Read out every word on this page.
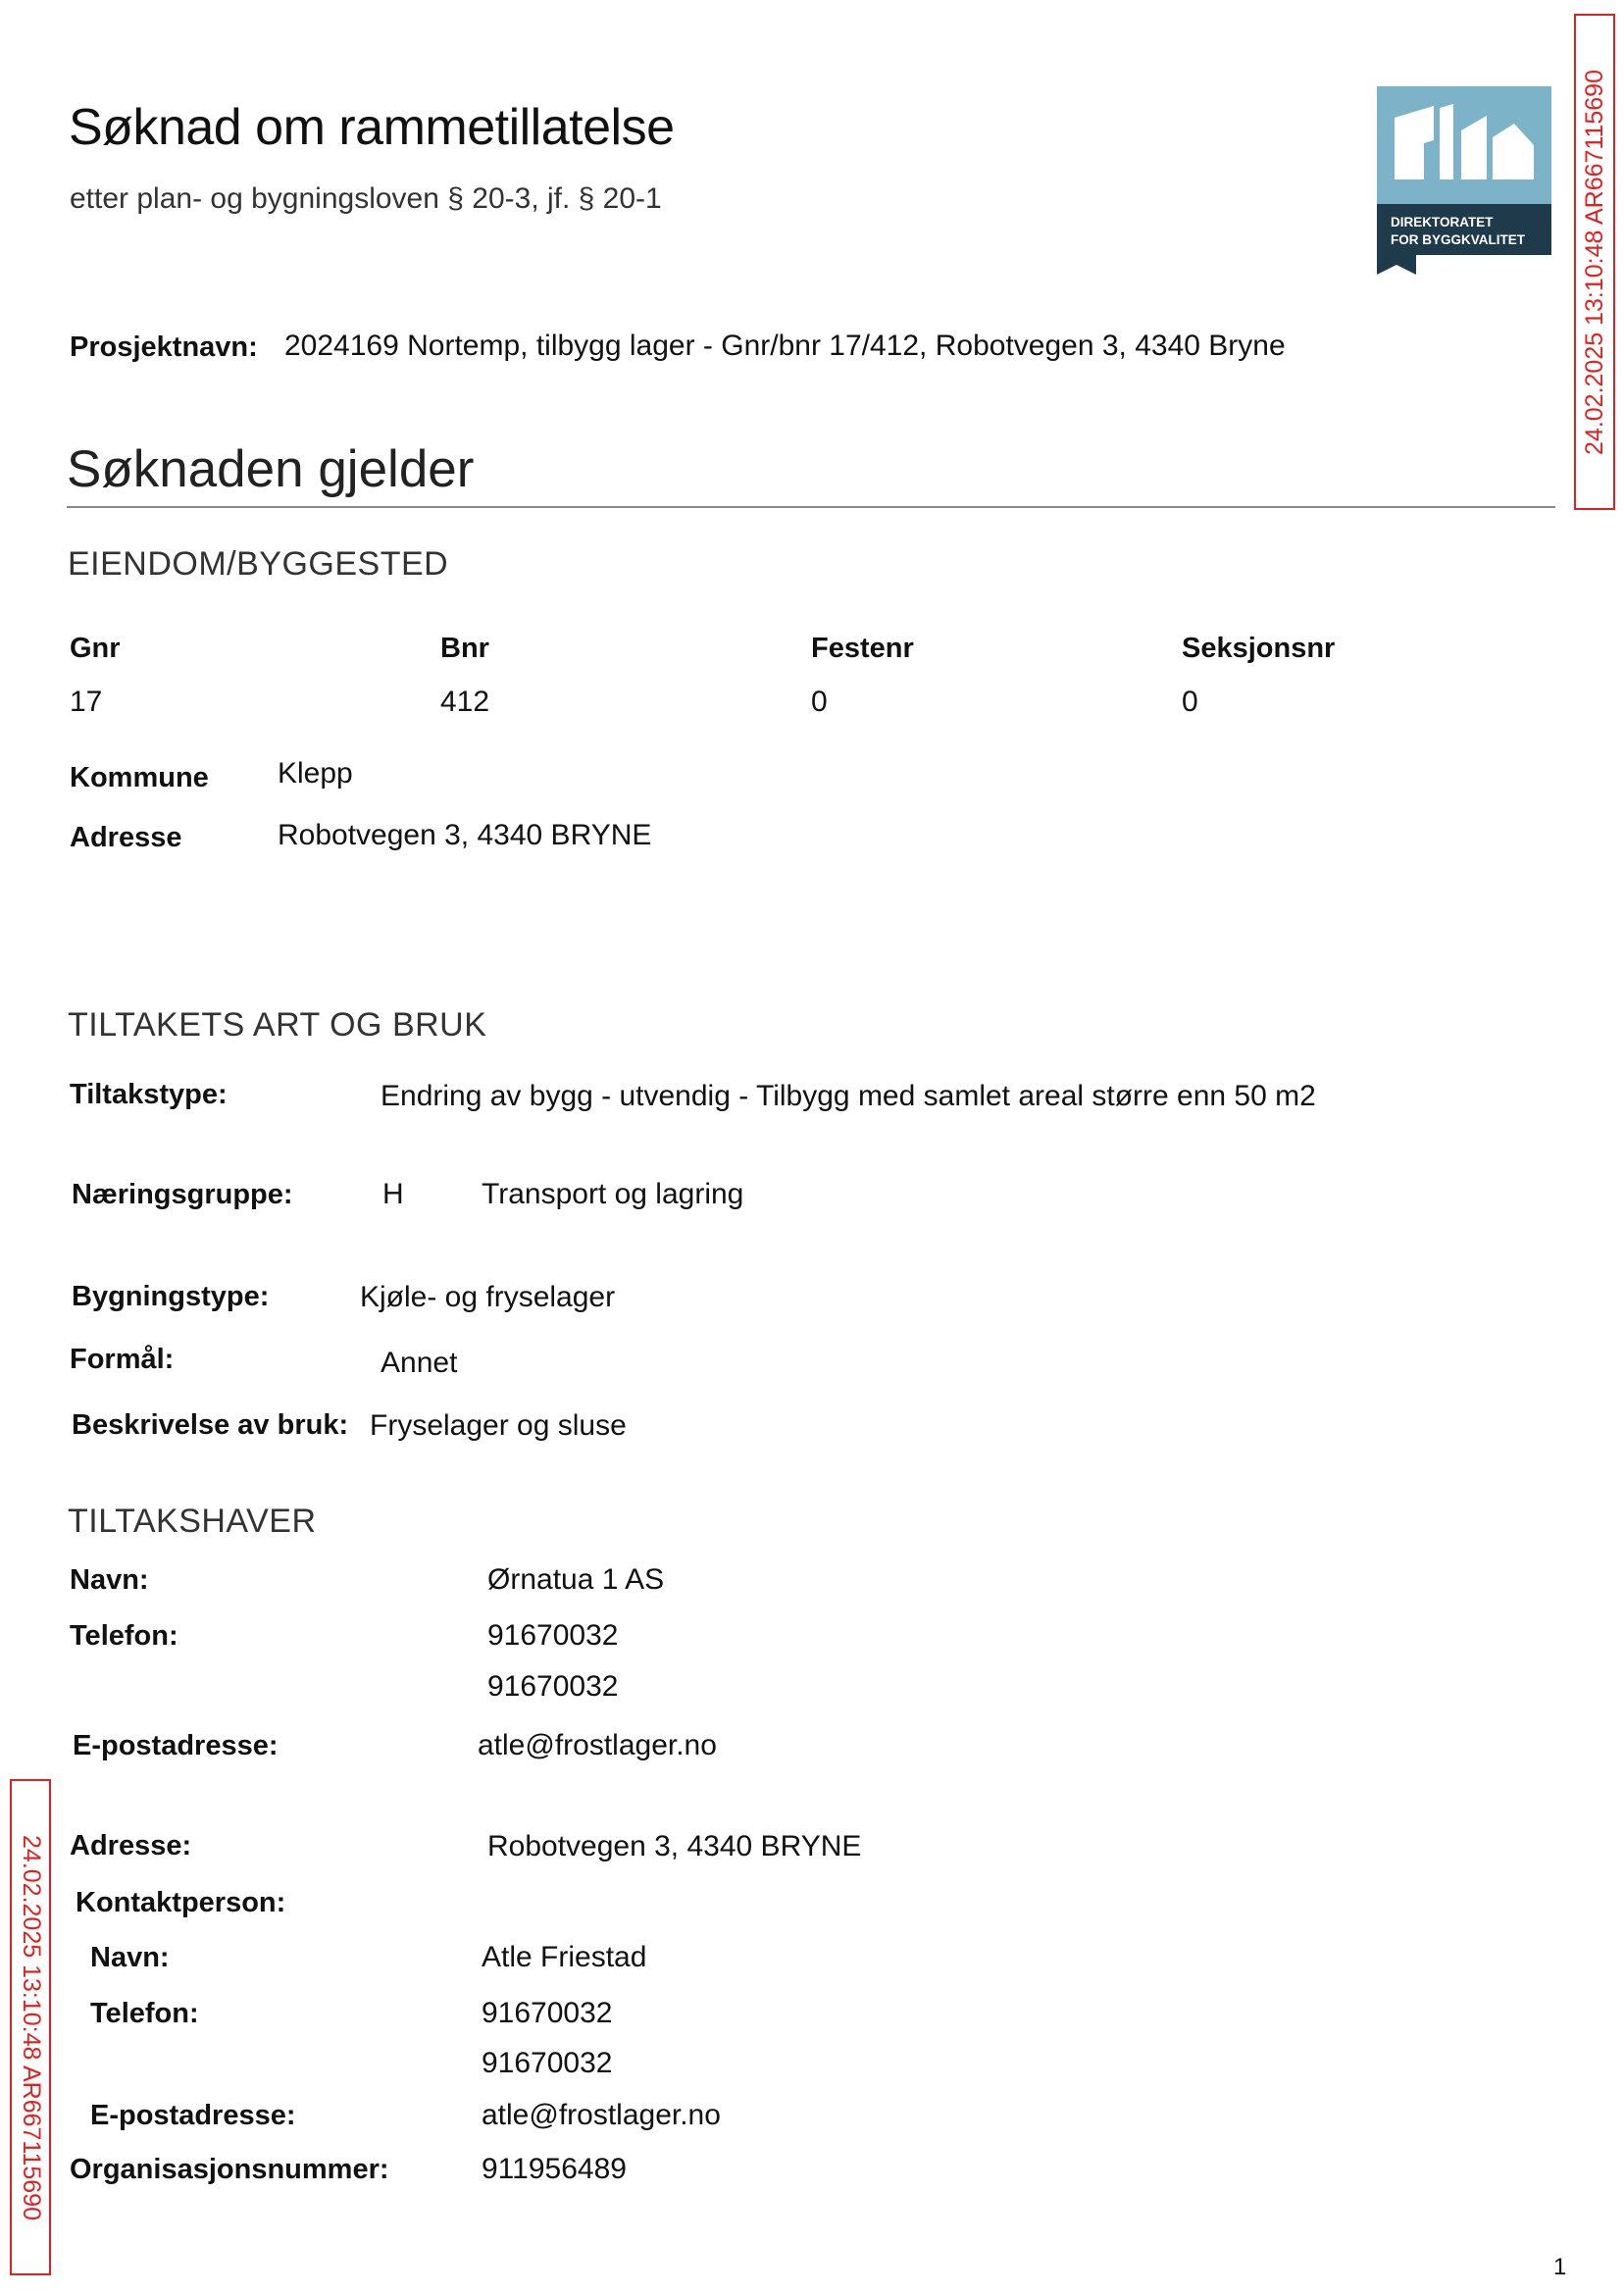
Søknad om rammetillatelse
etter plan- og bygningsloven § 20-3, jf. § 20-1
DIREKTORATET
FOR BYGGKVALITET 24.02.2025 13:10:48 AR667115690
Prosjektnavn: 2024169 Nortemp, tilbygg lager - Gnr/bnr 17/412, Robotvegen 3, 4340 Bryne
Søknaden gjelder
EIENDOM/BYGGESTED
Gnr	Bnr	Festenr	Seksjonsnr
17	412	0	0
Kommune Klepp
Adresse	Robotvegen 3, 4340 BRYNE
TILTAKETS ART OG BRUK
Tiltakstype:	Endring av bygg - utvendig - Tilbygg med samlet areal større enn 50 m2
Næringsgruppe:	H	Transport og lagring
Bygningstype:	Kjøle- og fryselager
Formål:	Annet
Beskrivelse av bruk: Fryselager og sluse
TILTAKSHAVER
Navn:	Ørnatua 1 AS
Telefon:	91670032
91670032
E-postadresse:	atle@frostlager.no
24.02.2025 13:10:48 AR667115690 Adresse:	Robotvegen 3, 4340 BRYNE
Kontaktperson:
Navn:	Atle Friestad
Telefon:	91670032
91670032
E-postadresse:	atle@frostlager.no
Organisasjonsnummer:	911956489
1
